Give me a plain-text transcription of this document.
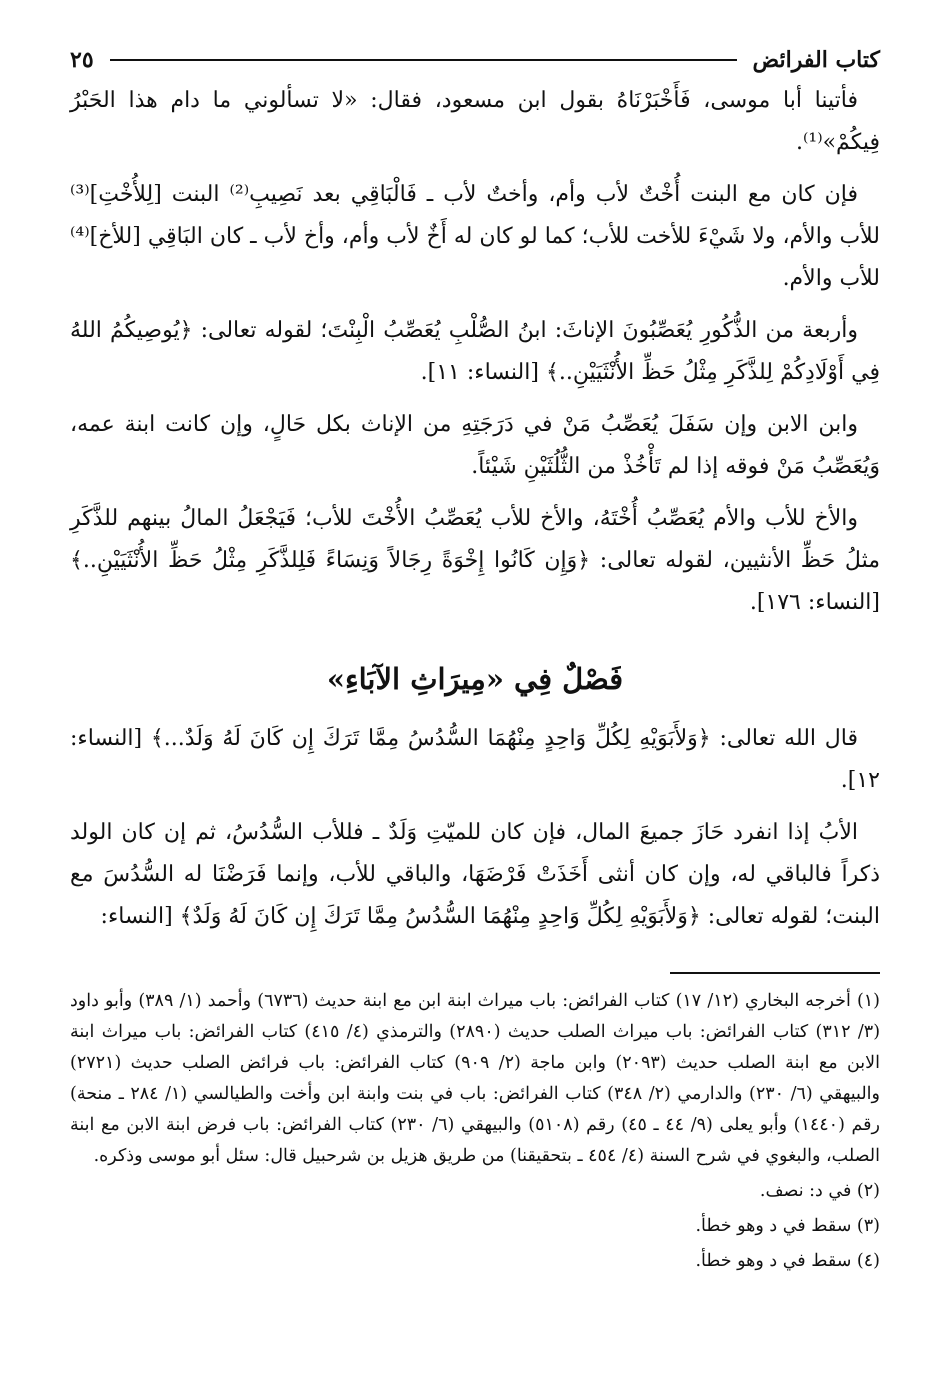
كتاب الفرائض
٢٥

فأتينا أبا موسى، فَأَخْبَرْنَاهُ بقول ابن مسعود، فقال: «لا تسألوني ما دام هذا الحَبْرُ فِيكُمْ»⁽¹⁾.

فإن كان مع البنت أُخْتٌ لأب وأم، وأختٌ لأب ـ فَالْبَاقِي بعد نَصِيبِ⁽²⁾ البنت [لِلأُخْتِ]⁽³⁾ للأب والأم، ولا شَيْءَ للأخت للأب؛ كما لو كان له أَخٌ لأب وأم، وأخ لأب ـ كان البَاقِي [للأخ]⁽⁴⁾ للأب والأم.

وأربعة من الذُّكُورِ يُعَصِّبُونَ الإناثَ: ابنُ الصُّلْبِ يُعَصِّبُ الْبِنْتَ؛ لقوله تعالى: ﴿يُوصِيكُمُ اللهُ فِي أَوْلَادِكُمْ لِلذَّكَرِ مِثْلُ حَظِّ الأُنْثَيَيْنِ..﴾ [النساء: ١١].

وابن الابن وإن سَفَلَ يُعَصِّبُ مَنْ في دَرَجَتِهِ من الإناث بكل حَالٍ، وإن كانت ابنة عمه، وَيُعَصِّبُ مَنْ فوقه إذا لم تَأْخُذْ من الثُّلُثَيْنِ شَيْئاً.

والأخ للأب والأم يُعَصِّبُ أُخْتَهُ، والأخ للأب يُعَصِّبُ الأُخْتَ للأب؛ فَيَجْعَلُ المالُ بينهم للذَّكَرِ مثلُ حَظِّ الأنثيين، لقوله تعالى: ﴿وَإِن كَانُوا إِخْوَةً رِجَالاً وَنِسَاءً فَلِلذَّكَرِ مِثْلُ حَظِّ الأُنْثَيَيْنِ..﴾ [النساء: ١٧٦].

فَصْلٌ فِي «مِيرَاثِ الآبَاءِ»

قال الله تعالى: ﴿وَلأَبَوَيْهِ لِكُلِّ وَاحِدٍ مِنْهُمَا السُّدُسُ مِمَّا تَرَكَ إِن كَانَ لَهُ وَلَدٌ...﴾ [النساء: ١٢].

الأبُ إذا انفرد حَازَ جميعَ المال، فإن كان للميّتِ وَلَدٌ ـ فللأب السُّدُسُ، ثم إن كان الولد ذكراً فالباقي له، وإن كان أنثى أَخَذَتْ فَرْضَهَا، والباقي للأب، وإنما فَرَضْنَا له السُّدُسَ مع البنت؛ لقوله تعالى: ﴿وَلأَبَوَيْهِ لِكُلِّ وَاحِدٍ مِنْهُمَا السُّدُسُ مِمَّا تَرَكَ إِن كَانَ لَهُ وَلَدٌ﴾ [النساء:

(١) أخرجه البخاري (١٢/ ١٧) كتاب الفرائض: باب ميراث ابنة ابن مع ابنة حديث (٦٧٣٦) وأحمد (١/ ٣٨٩) وأبو داود (٣/ ٣١٢) كتاب الفرائض: باب ميراث الصلب حديث (٢٨٩٠) والترمذي (٤/ ٤١٥) كتاب الفرائض: باب ميراث ابنة الابن مع ابنة الصلب حديث (٢٠٩٣) وابن ماجة (٢/ ٩٠٩) كتاب الفرائض: باب فرائض الصلب حديث (٢٧٢١) والبيهقي (٦/ ٢٣٠) والدارمي (٢/ ٣٤٨) كتاب الفرائض: باب في بنت وابنة ابن وأخت والطيالسي (١/ ٢٨٤ ـ منحة) رقم (١٤٤٠) وأبو يعلى (٩/ ٤٤ ـ ٤٥) رقم (٥١٠٨) والبيهقي (٦/ ٢٣٠) كتاب الفرائض: باب فرض ابنة الابن مع ابنة الصلب، والبغوي في شرح السنة (٤/ ٤٥٤ ـ بتحقيقنا) من طريق هزيل بن شرحبيل قال: سئل أبو موسى وذكره.

(٢) في د: نصف.

(٣) سقط في د وهو خطأ.

(٤) سقط في د وهو خطأ.
